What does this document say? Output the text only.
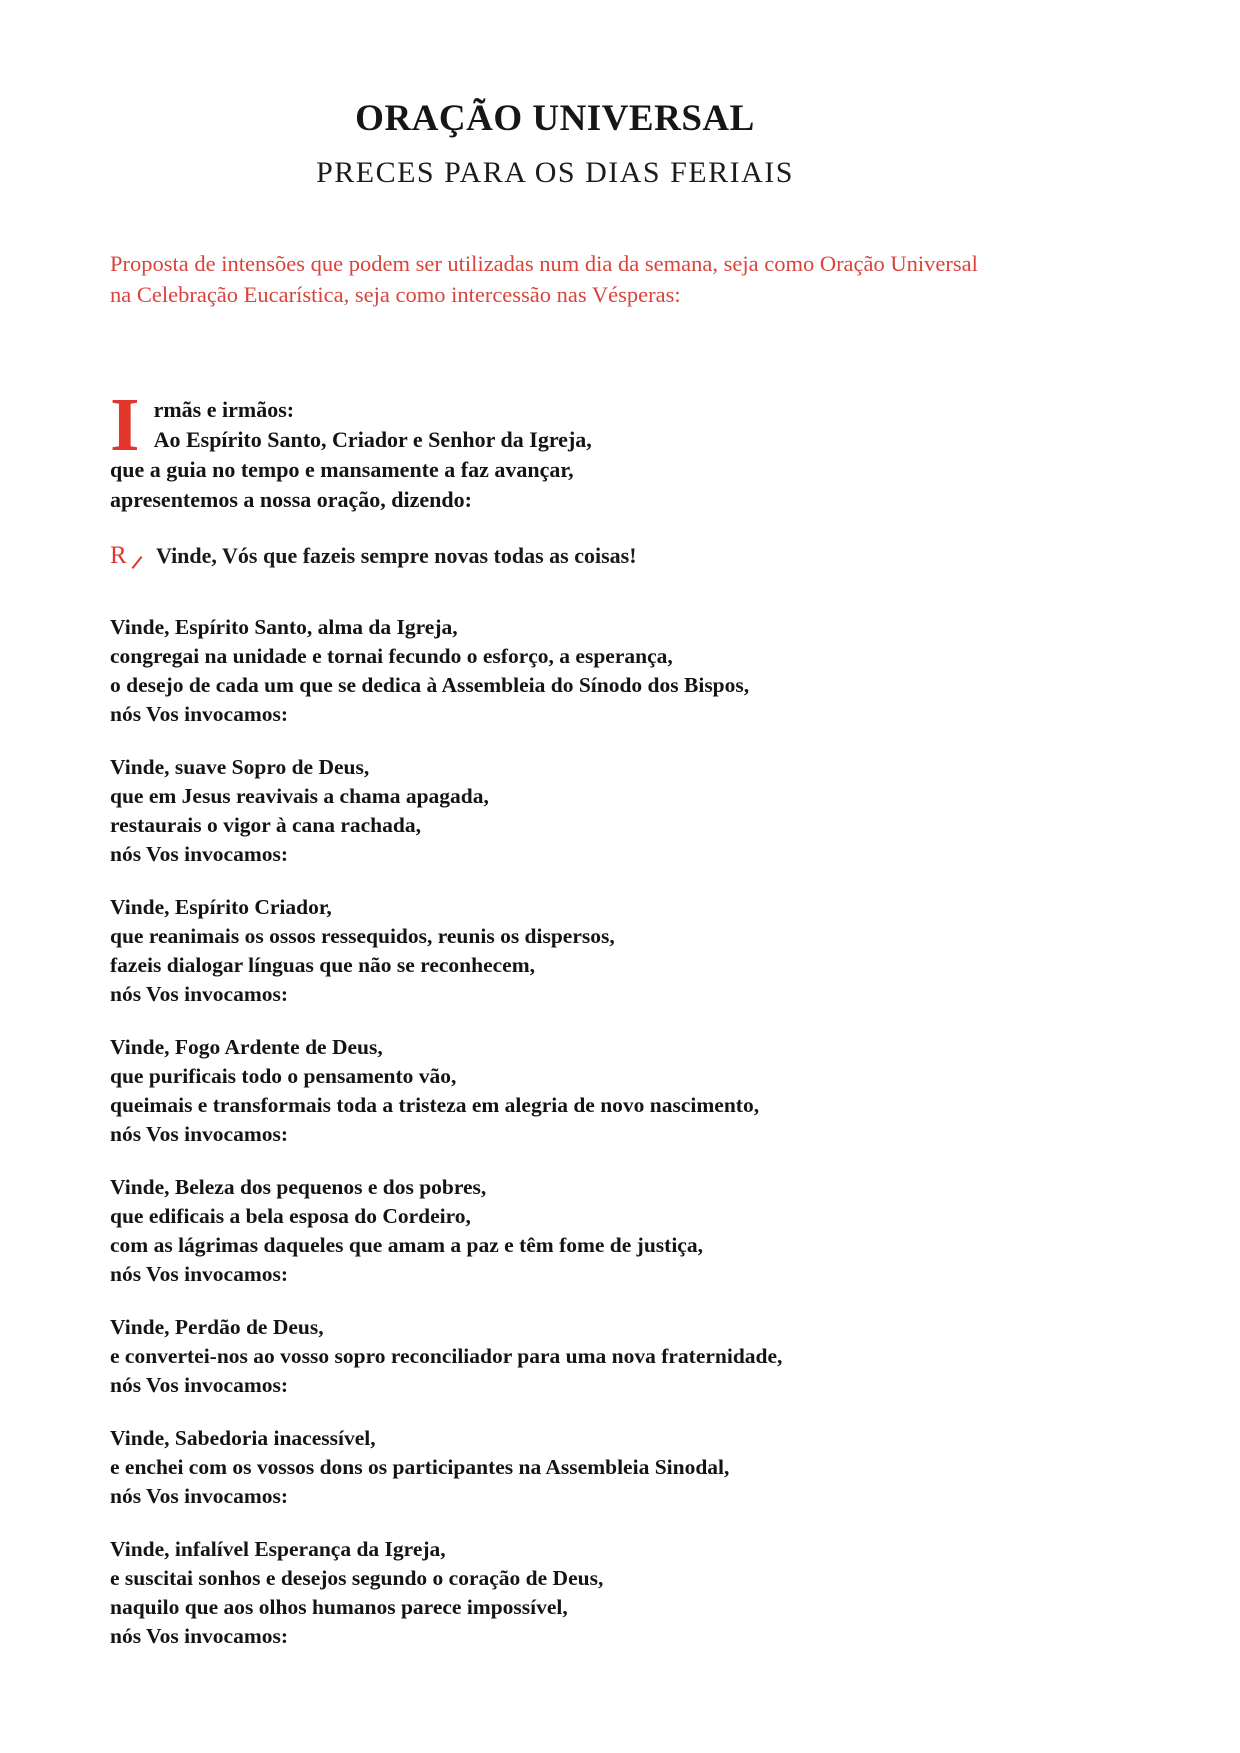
ORAÇÃO UNIVERSAL
PRECES PARA OS DIAS FERIAIS

Proposta de intensões que podem ser utilizadas num dia da semana, seja como Oração Universal na Celebração Eucarística, seja como intercessão nas Vésperas:

Irmãs e irmãos:
Ao Espírito Santo, Criador e Senhor da Igreja,
que a guia no tempo e mansamente a faz avançar,
apresentemos a nossa oração, dizendo:

R	Vinde, Vós que fazeis sempre novas todas as coisas!

Vinde, Espírito Santo, alma da Igreja,
congregai na unidade e tornai fecundo o esforço, a esperança,
o desejo de cada um que se dedica à Assembleia do Sínodo dos Bispos,
nós Vos invocamos:

Vinde, suave Sopro de Deus,
que em Jesus reavivais a chama apagada,
restaurais o vigor à cana rachada,
nós Vos invocamos:

Vinde, Espírito Criador,
que reanimais os ossos ressequidos, reunis os dispersos,
fazeis dialogar línguas que não se reconhecem,
nós Vos invocamos:

Vinde, Fogo Ardente de Deus,
que purificais todo o pensamento vão,
queimais e transformais toda a tristeza em alegria de novo nascimento,
nós Vos invocamos:

Vinde, Beleza dos pequenos e dos pobres,
que edificais a bela esposa do Cordeiro,
com as lágrimas daqueles que amam a paz e têm fome de justiça,
nós Vos invocamos:

Vinde, Perdão de Deus,
e convertei-nos ao vosso sopro reconciliador para uma nova fraternidade,
nós Vos invocamos:

Vinde, Sabedoria inacessível,
e enchei com os vossos dons os participantes na Assembleia Sinodal,
nós Vos invocamos:

Vinde, infalível Esperança da Igreja,
e suscitai sonhos e desejos segundo o coração de Deus,
naquilo que aos olhos humanos parece impossível,
nós Vos invocamos:
